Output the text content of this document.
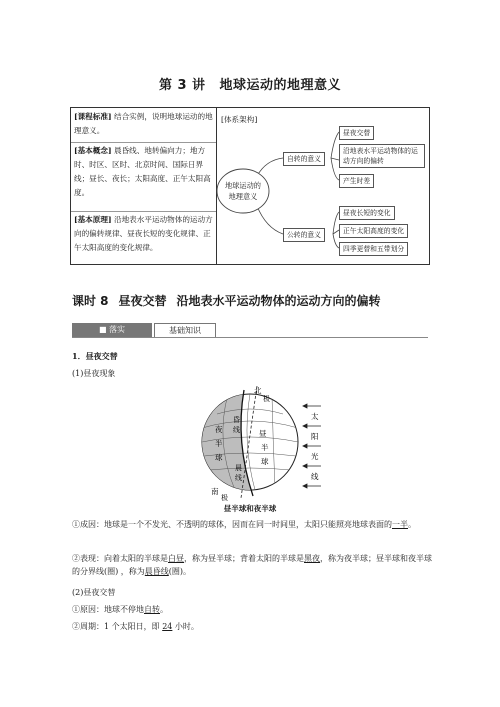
第 3 讲 地球运动的地理意义
[课程标准] 结合实例，说明地球运动的地理意义。
[基本概念] 晨昏线、地转偏向力；地方时、时区、区时、北京时间、国际日界线；昼长、夜长；太阳高度、正午太阳高度。
[基本原理] 沿地表水平运动物体的运动方向的偏转规律、昼夜长短的变化规律、正午太阳高度的变化规律。
[体系架构]
地球运动的地理意义
自转的意义
公转的意义
昼夜交替
沿地表水平运动物体的运动方向的偏转
产生时差
昼夜长短的变化
正午太阳高度的变化
四季更替和五带划分
课时 8 昼夜交替 沿地表水平运动物体的运动方向的偏转
■ 落实	基础知识
1．昼夜交替
(1)昼夜现象
北
极
南
极
夜
半
球
昼
半
球
昏
线
晨
线
太
阳
光
线
昼半球和夜半球
①成因：地球是一个不发光、不透明的球体，因而在同一时间里，太阳只能照亮地球表面的一半。
②表现：向着太阳的半球是白昼，称为昼半球；背着太阳的半球是黑夜，称为夜半球；昼半球和夜半球的分界线(圈) ，称为晨昏线(圈)。
(2)昼夜交替
①原因：地球不停地自转。
②周期：1 个太阳日，即 24 小时。
